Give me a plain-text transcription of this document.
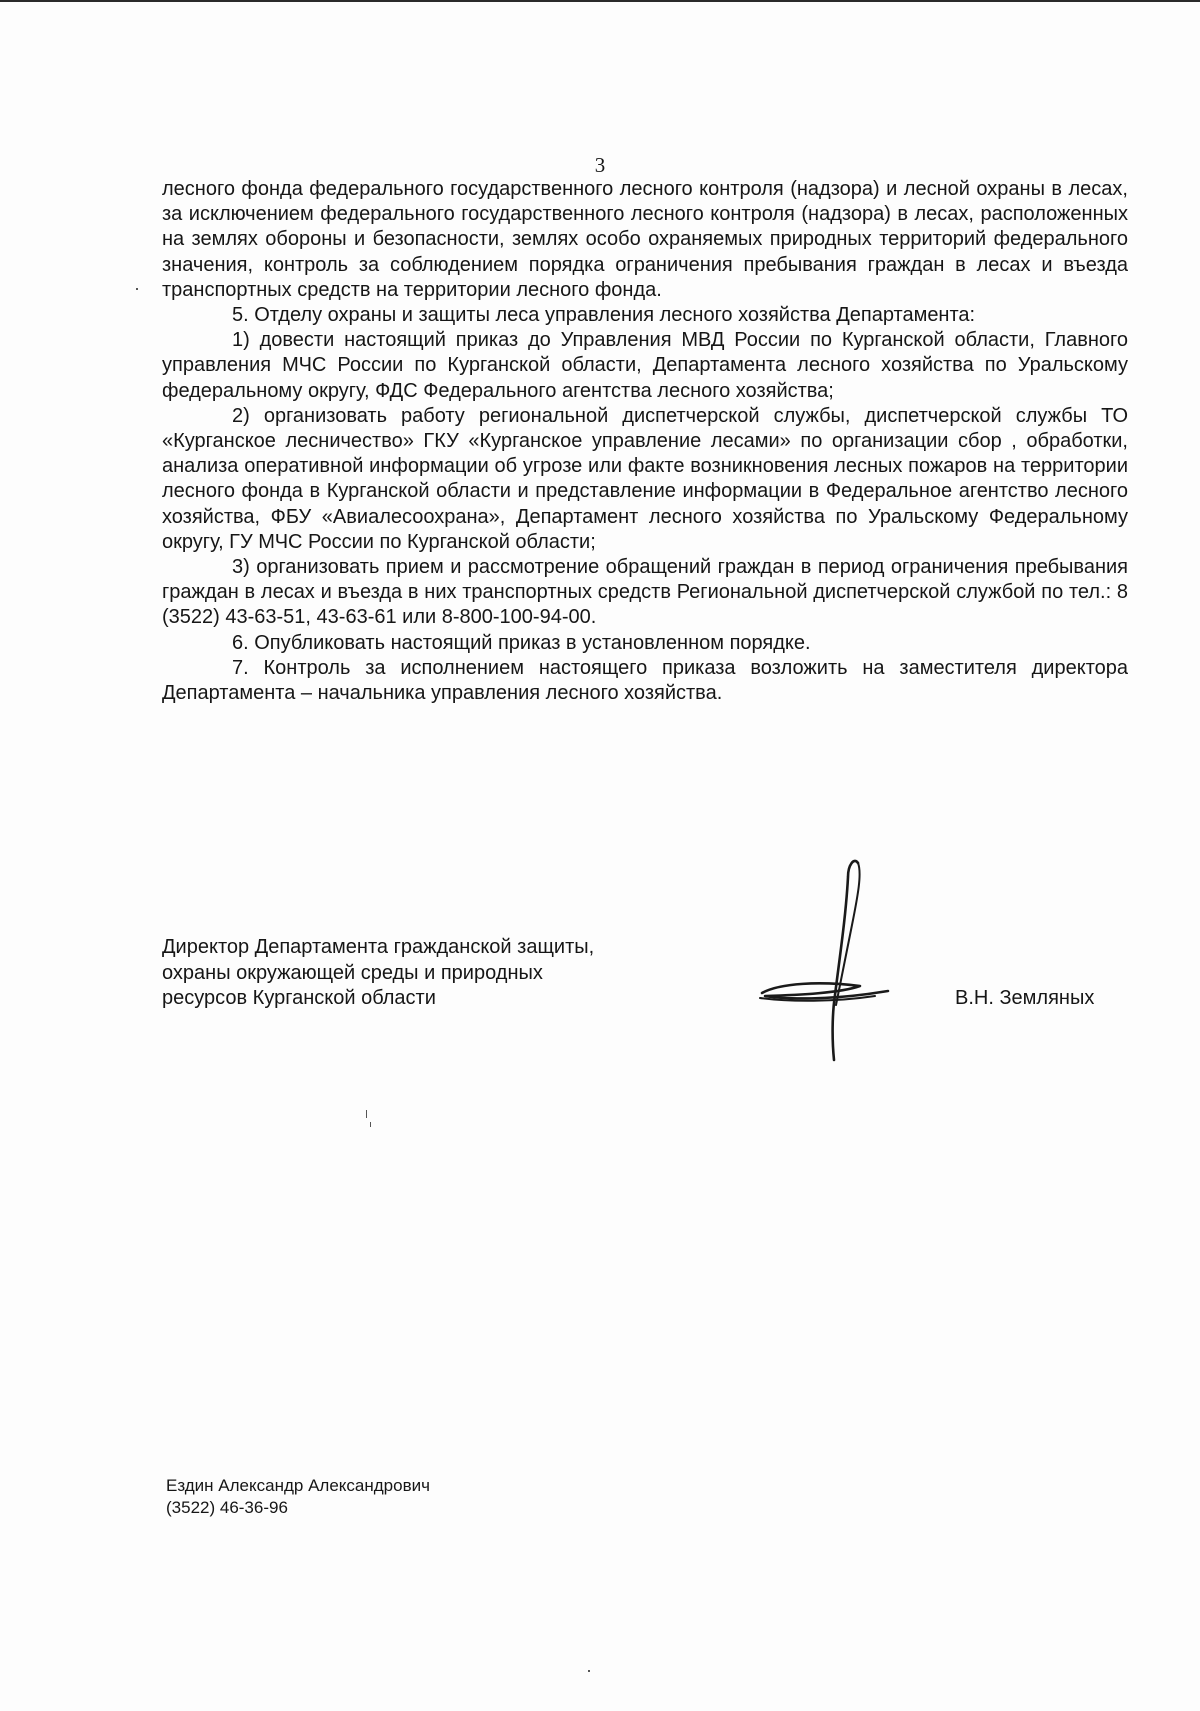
3

лесного фонда федерального государственного лесного контроля (надзора) и лесной охраны в лесах, за исключением федерального государственного лесного контроля (надзора) в лесах, расположенных на землях обороны и безопасности, землях особо охраняемых природных территорий федерального значения, контроль за соблюдением порядка ограничения пребывания граждан в лесах и въезда транспортных средств на территории лесного фонда.

5. Отделу охраны и защиты леса управления лесного хозяйства Департамента:

1) довести настоящий приказ до Управления МВД России по Курганской области, Главного управления МЧС России по Курганской области, Департамента лесного хозяйства по Уральскому федеральному округу, ФДС Федерального агентства лесного хозяйства;

2) организовать работу региональной диспетчерской службы, диспетчерской службы ТО «Курганское лесничество» ГКУ «Курганское управление лесами» по организации сбор , обработки, анализа оперативной информации об угрозе или факте возникновения лесных пожаров на территории лесного фонда в Курганской области и представление информации в Федеральное агентство лесного хозяйства, ФБУ «Авиалесоохрана», Департамент лесного хозяйства по Уральскому Федеральному округу, ГУ МЧС России по Курганской области;

3) организовать прием и рассмотрение обращений граждан в период ограничения пребывания граждан в лесах и въезда в них транспортных средств Региональной диспетчерской службой по тел.: 8 (3522) 43-63-51, 43-63-61 или 8-800-100-94-00.

6. Опубликовать настоящий приказ в установленном порядке.

7. Контроль за исполнением настоящего приказа возложить на заместителя директора Департамента – начальника управления лесного хозяйства.

Директор Департамента гражданской защиты,
охраны окружающей среды и природных
ресурсов Курганской области	В.Н. Земляных
Ездин Александр Александрович
(3522) 46-36-96
